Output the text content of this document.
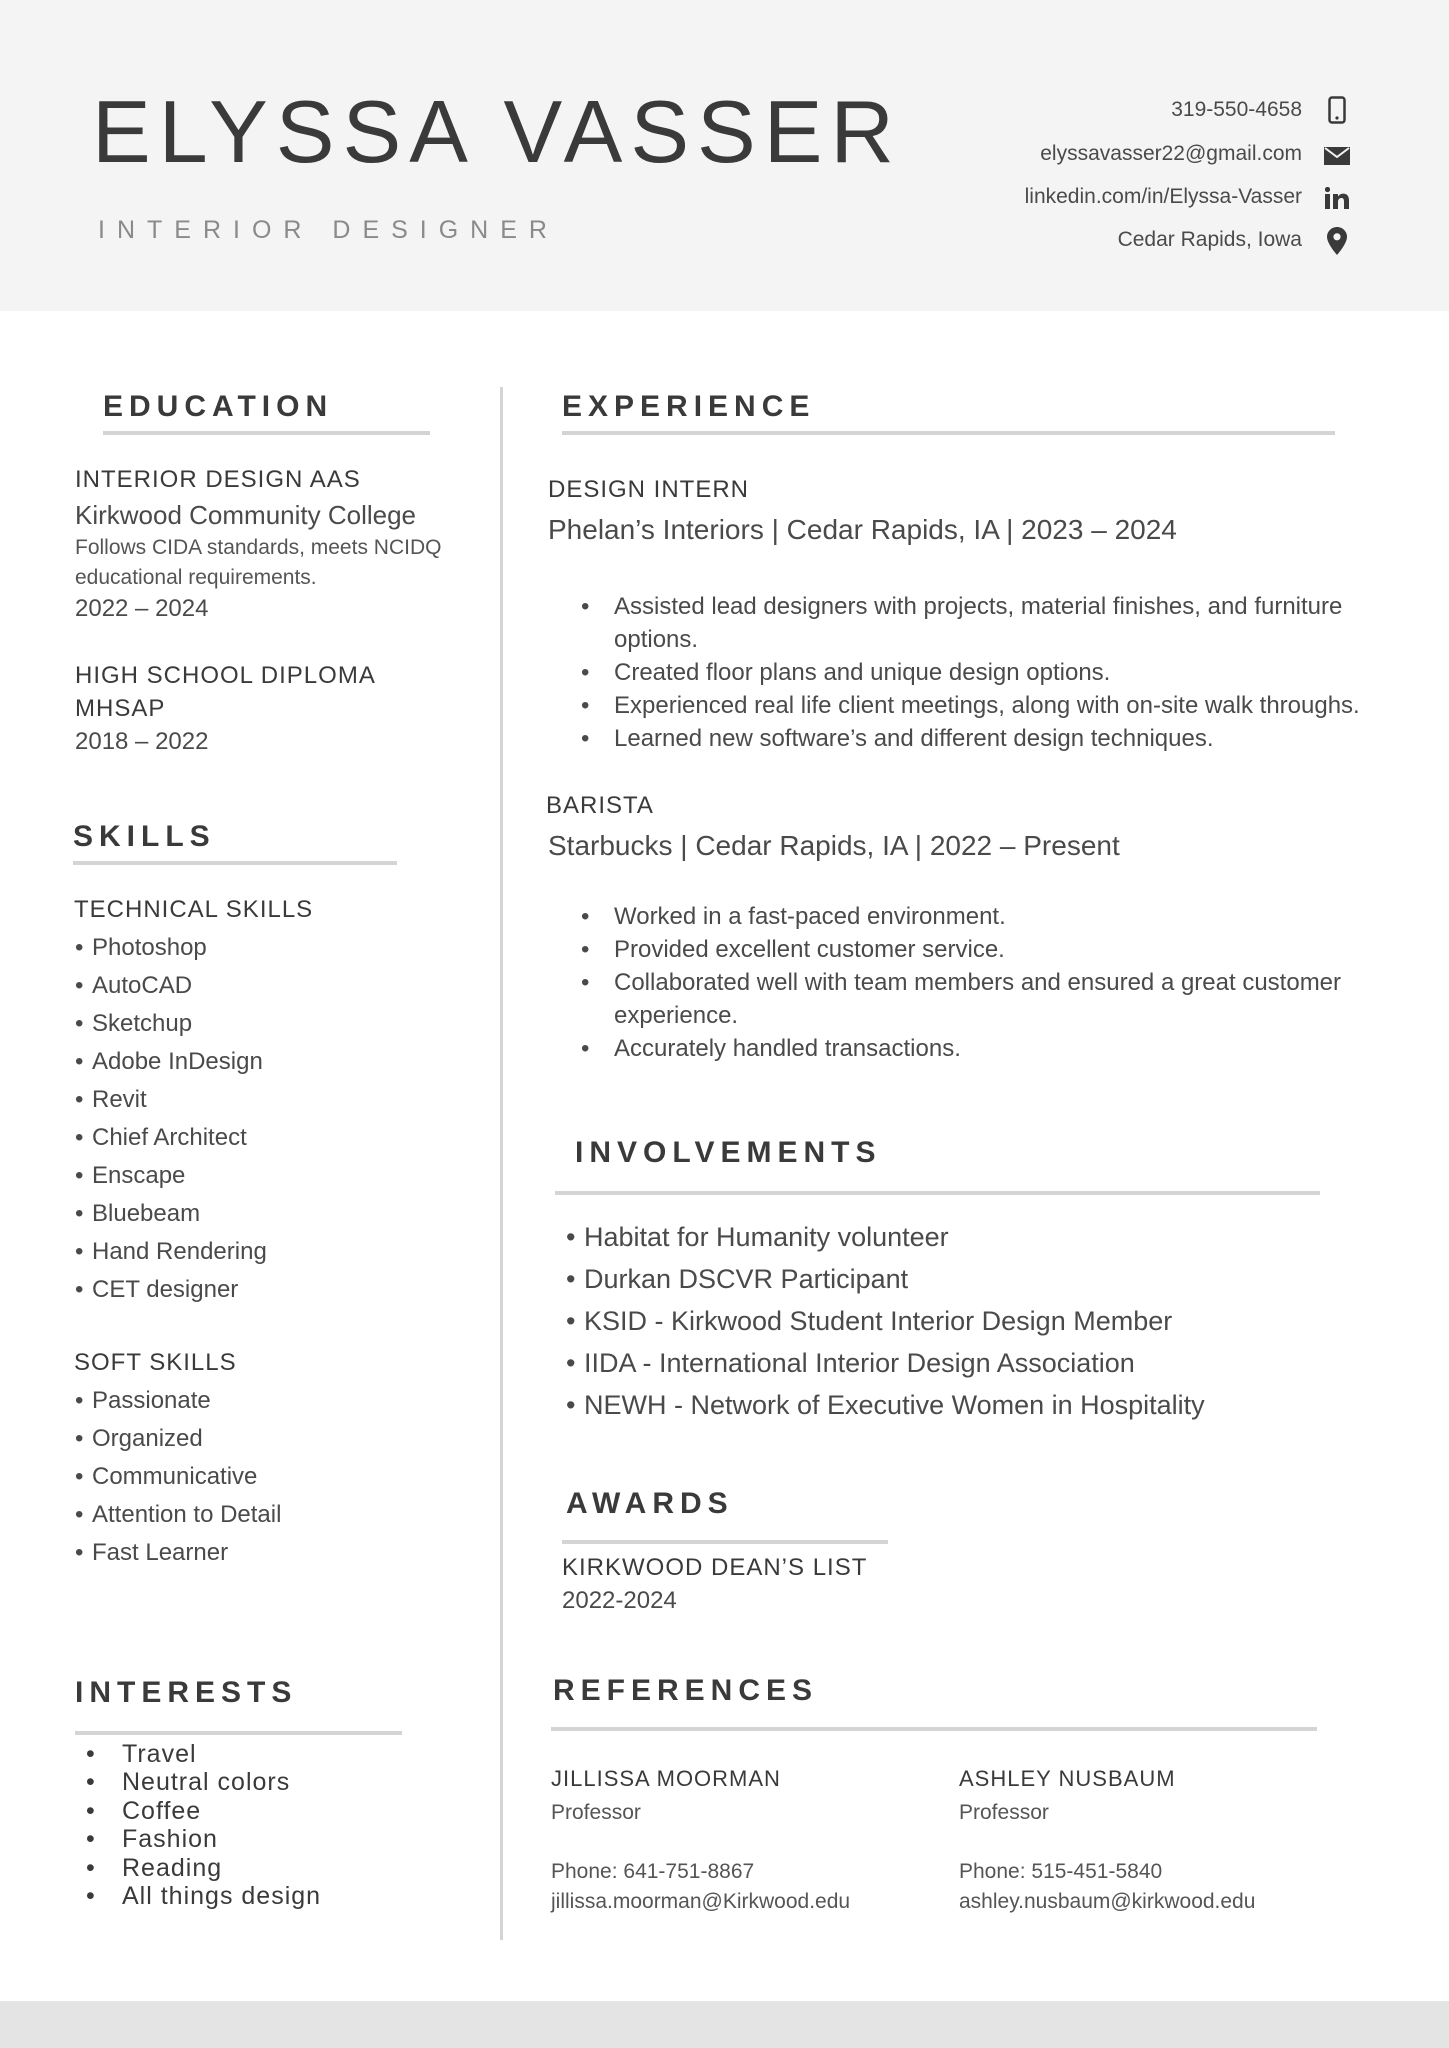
ELYSSA VASSER
INTERIOR DESIGNER
319-550-4658
elyssavasser22@gmail.com
linkedin.com/in/Elyssa-Vasser
Cedar Rapids, Iowa
EDUCATION
INTERIOR DESIGN AAS
Kirkwood Community College
Follows CIDA standards, meets NCIDQ
educational requirements.
2022 – 2024
HIGH SCHOOL DIPLOMA
MHSAP
2018 – 2022
SKILLS
TECHNICAL SKILLS
• Photoshop
• AutoCAD
• Sketchup
• Adobe InDesign
• Revit
• Chief Architect
• Enscape
• Bluebeam
• Hand Rendering
• CET designer
SOFT SKILLS
• Passionate
• Organized
• Communicative
• Attention to Detail
• Fast Learner
INTERESTS
• Travel
• Neutral colors
• Coffee
• Fashion
• Reading
• All things design
EXPERIENCE
DESIGN INTERN
Phelan’s Interiors | Cedar Rapids, IA | 2023 – 2024
• Assisted lead designers with projects, material finishes, and furniture
options.
• Created floor plans and unique design options.
• Experienced real life client meetings, along with on-site walk throughs.
• Learned new software’s and different design techniques.
BARISTA
Starbucks | Cedar Rapids, IA | 2022 – Present
• Worked in a fast-paced environment.
• Provided excellent customer service.
• Collaborated well with team members and ensured a great customer
experience.
• Accurately handled transactions.
INVOLVEMENTS
• Habitat for Humanity volunteer
• Durkan DSCVR Participant
• KSID - Kirkwood Student Interior Design Member
• IIDA - International Interior Design Association
• NEWH - Network of Executive Women in Hospitality
AWARDS
KIRKWOOD DEAN’S LIST
2022-2024
REFERENCES
JILLISSA MOORMAN
Professor
Phone: 641-751-8867
jillissa.moorman@Kirkwood.edu
ASHLEY NUSBAUM
Professor
Phone: 515-451-5840
ashley.nusbaum@kirkwood.edu
